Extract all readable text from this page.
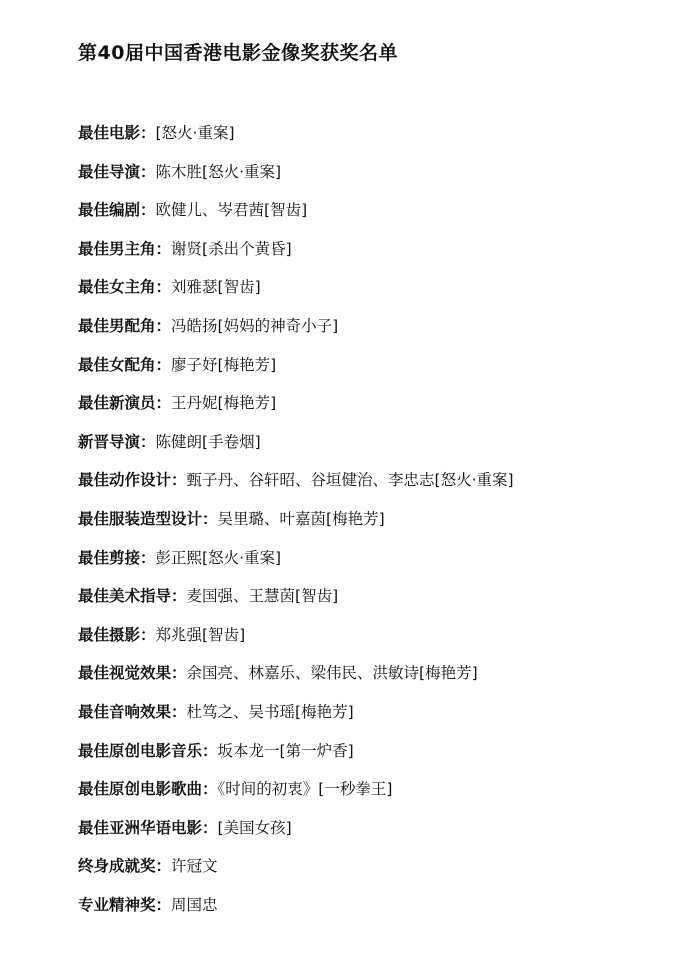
第40届中国香港电影金像奖获奖名单
最佳电影：[怒火·重案]
最佳导演：陈木胜[怒火·重案]
最佳编剧：欧健儿、岑君茜[智齿]
最佳男主角：谢贤[杀出个黄昏]
最佳女主角：刘雅瑟[智齿]
最佳男配角：冯皓扬[妈妈的神奇小子]
最佳女配角：廖子妤[梅艳芳]
最佳新演员：王丹妮[梅艳芳]
新晋导演：陈健朗[手卷烟]
最佳动作设计：甄子丹、谷轩昭、谷垣健治、李忠志[怒火·重案]
最佳服装造型设计：吴里璐、叶嘉茵[梅艳芳]
最佳剪接：彭正熙[怒火·重案]
最佳美术指导：麦国强、王慧茵[智齿]
最佳摄影：郑兆强[智齿]
最佳视觉效果：余国亮、林嘉乐、梁伟民、洪敏诗[梅艳芳]
最佳音响效果：杜笃之、吴书瑶[梅艳芳]
最佳原创电影音乐：坂本龙一[第一炉香]
最佳原创电影歌曲：《时间的初衷》[一秒拳王]
最佳亚洲华语电影：[美国女孩]
终身成就奖：许冠文
专业精神奖：周国忠
